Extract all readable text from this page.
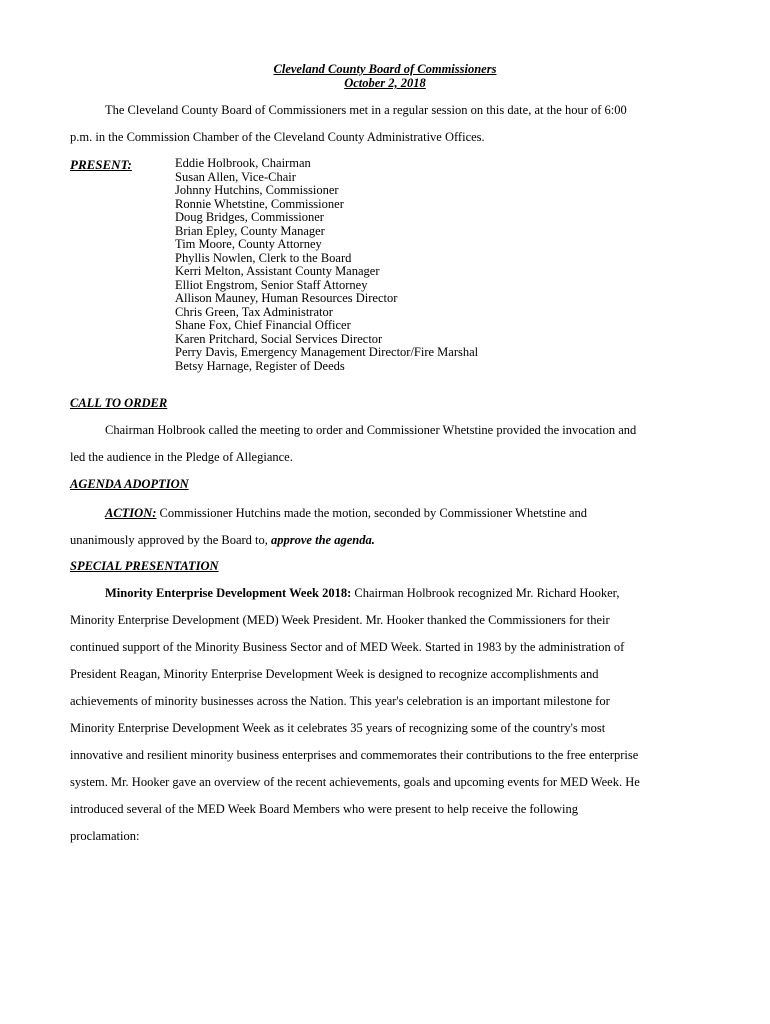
Cleveland County Board of Commissioners
October 2, 2018
The Cleveland County Board of Commissioners met in a regular session on this date, at the hour of 6:00
p.m. in the Commission Chamber of the Cleveland County Administrative Offices.
PRESENT:	Eddie Holbrook, Chairman
Susan Allen, Vice-Chair
Johnny Hutchins, Commissioner
Ronnie Whetstine, Commissioner
Doug Bridges, Commissioner
Brian Epley, County Manager
Tim Moore, County Attorney
Phyllis Nowlen, Clerk to the Board
Kerri Melton, Assistant County Manager
Elliot Engstrom, Senior Staff Attorney
Allison Mauney, Human Resources Director
Chris Green, Tax Administrator
Shane Fox, Chief Financial Officer
Karen Pritchard, Social Services Director
Perry Davis, Emergency Management Director/Fire Marshal
Betsy Harnage, Register of Deeds
CALL TO ORDER
Chairman Holbrook called the meeting to order and Commissioner Whetstine provided the invocation and
led the audience in the Pledge of Allegiance.
AGENDA ADOPTION
ACTION: Commissioner Hutchins made the motion, seconded by Commissioner Whetstine and
unanimously approved by the Board to, approve the agenda.
SPECIAL PRESENTATION
Minority Enterprise Development Week 2018: Chairman Holbrook recognized Mr. Richard Hooker,
Minority Enterprise Development (MED) Week President. Mr. Hooker thanked the Commissioners for their
continued support of the Minority Business Sector and of MED Week. Started in 1983 by the administration of
President Reagan, Minority Enterprise Development Week is designed to recognize accomplishments and
achievements of minority businesses across the Nation. This year's celebration is an important milestone for
Minority Enterprise Development Week as it celebrates 35 years of recognizing some of the country's most
innovative and resilient minority business enterprises and commemorates their contributions to the free enterprise
system. Mr. Hooker gave an overview of the recent achievements, goals and upcoming events for MED Week. He
introduced several of the MED Week Board Members who were present to help receive the following
proclamation:
